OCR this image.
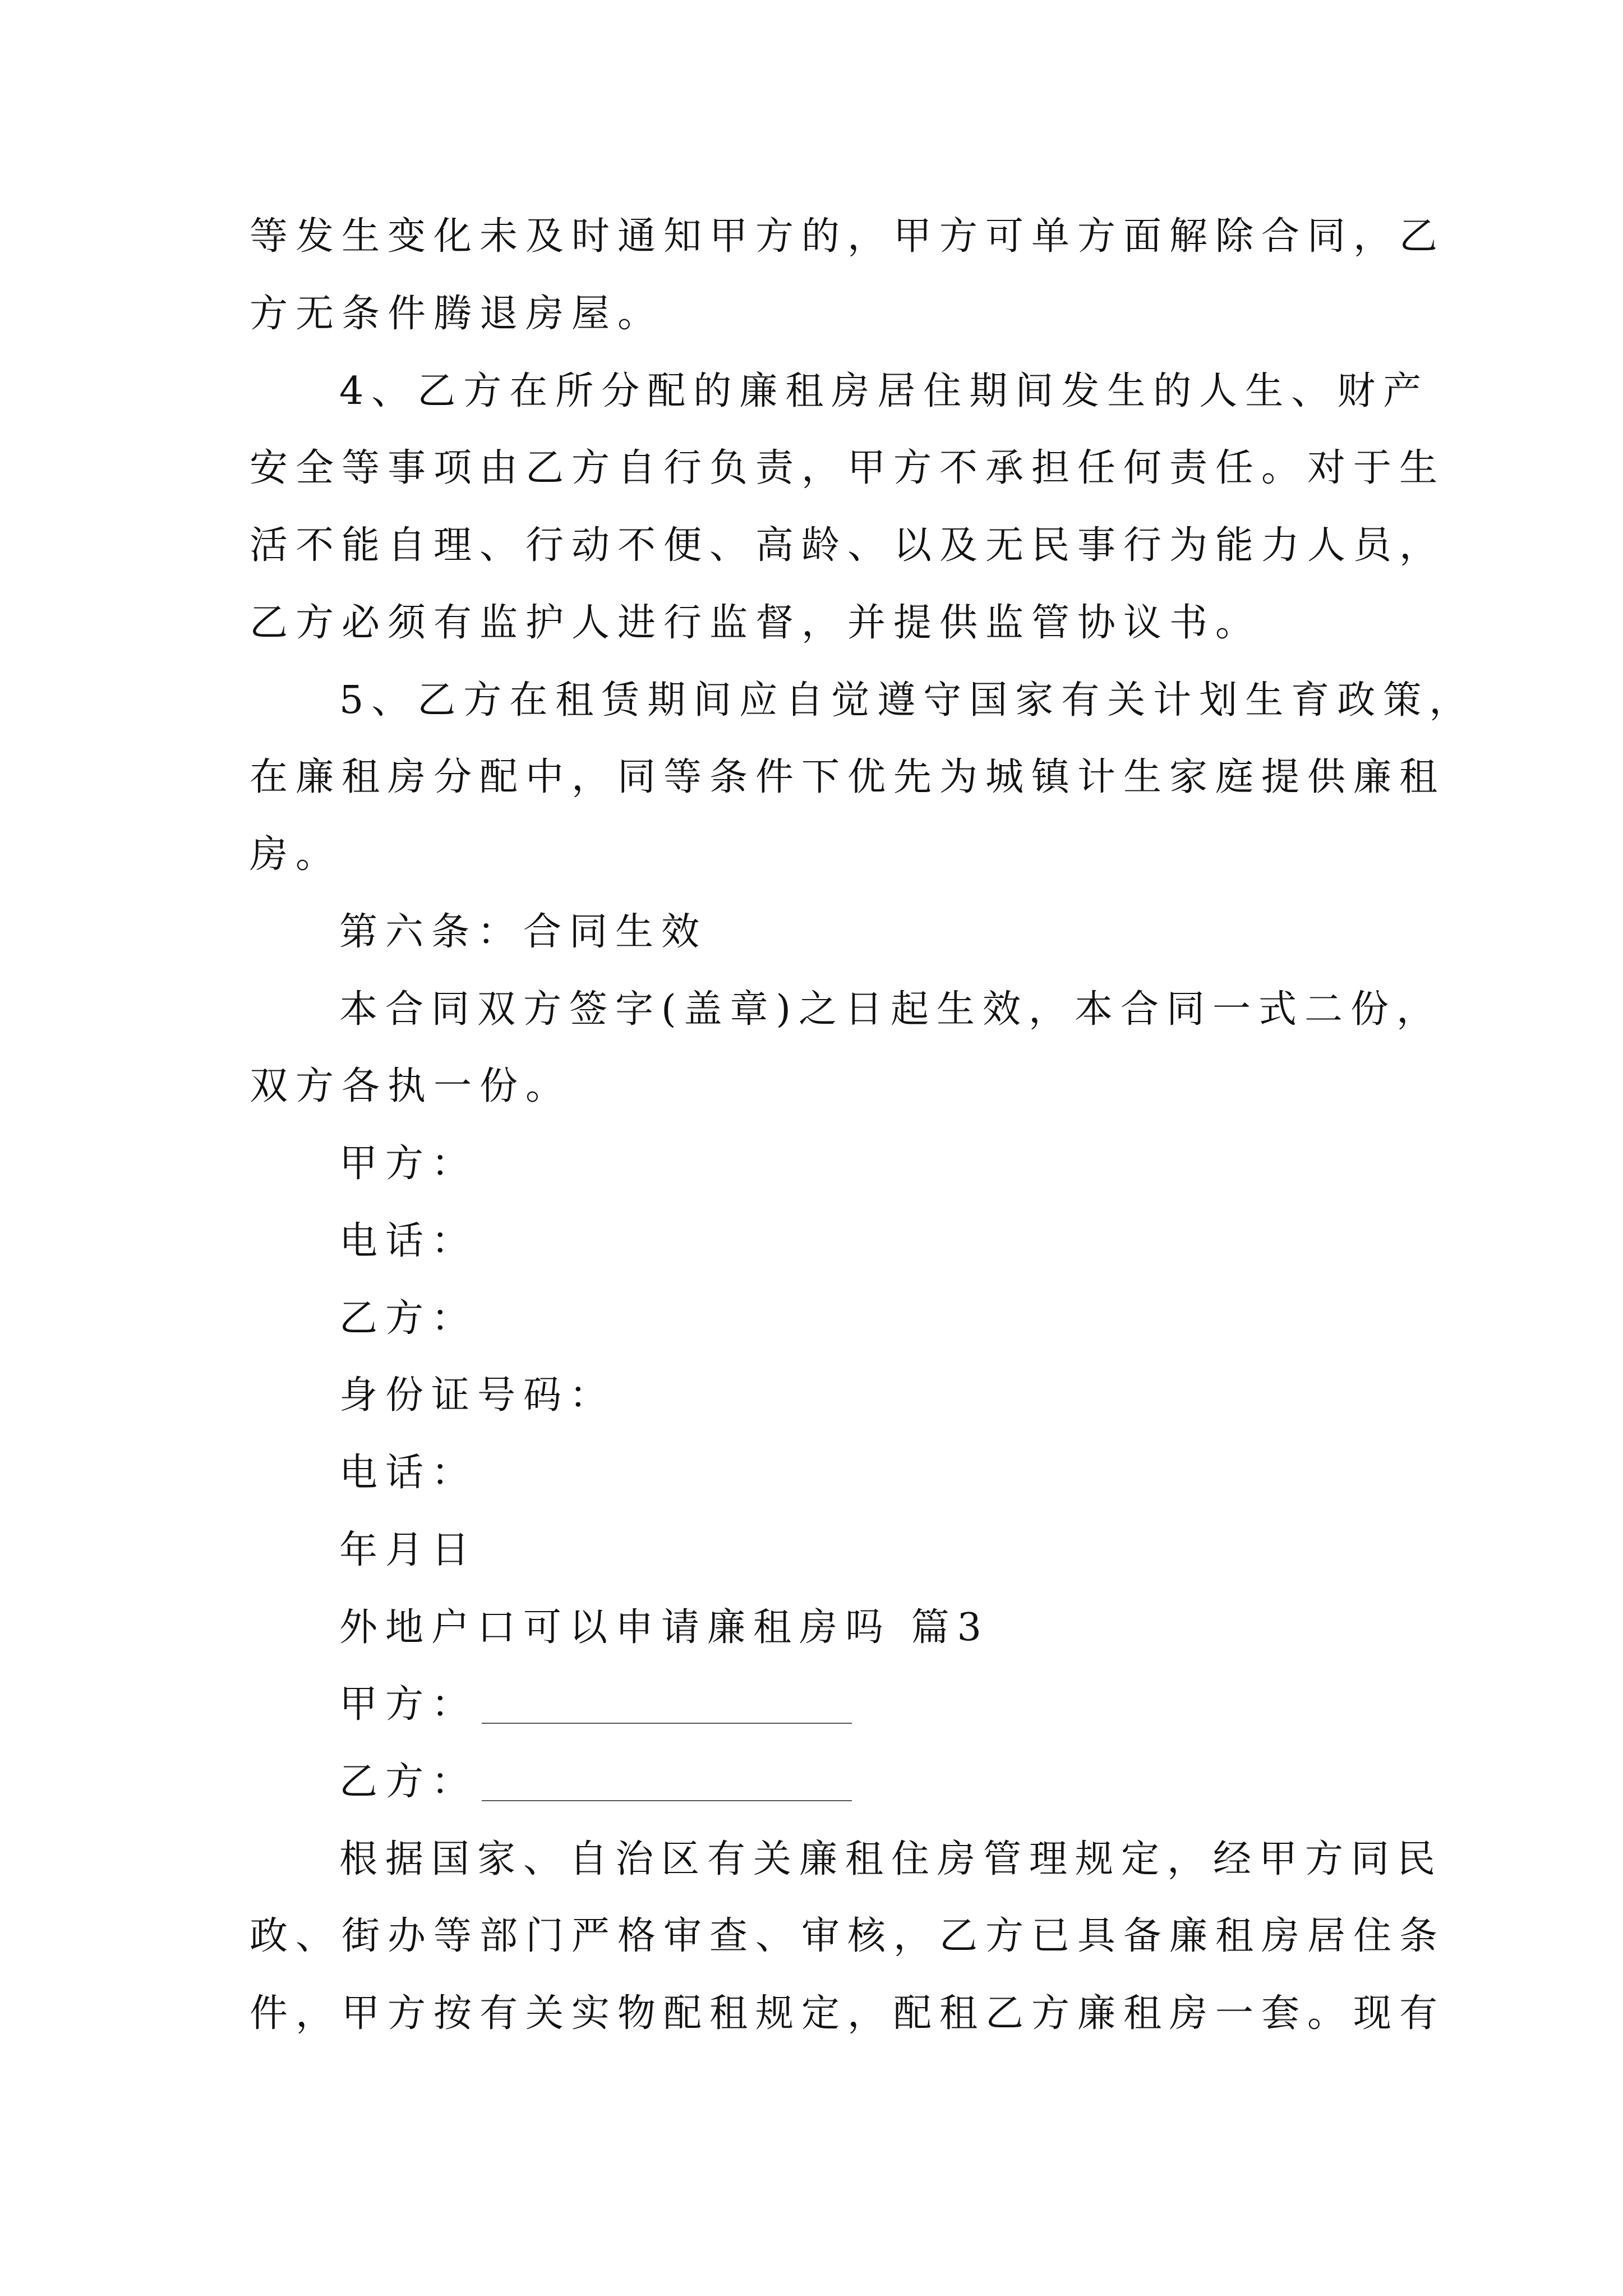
等发生变化未及时通知甲方的，甲方可单方面解除合同，乙

方无条件腾退房屋。

4、乙方在所分配的廉租房居住期间发生的人生、财产

安全等事项由乙方自行负责，甲方不承担任何责任。对于生

活不能自理、行动不便、高龄、以及无民事行为能力人员，

乙方必须有监护人进行监督，并提供监管协议书。

5、乙方在租赁期间应自觉遵守国家有关计划生育政策，

在廉租房分配中，同等条件下优先为城镇计生家庭提供廉租

房。

第六条：合同生效

本合同双方签字(盖章)之日起生效，本合同一式二份，

双方各执一份。

甲方：

电话：

乙方：

身份证号码：

电话：

年月日

外地户口可以申请廉租房吗 篇3

甲方：

乙方：

根据国家、自治区有关廉租住房管理规定，经甲方同民

政、街办等部门严格审查、审核，乙方已具备廉租房居住条

件，甲方按有关实物配租规定，配租乙方廉租房一套。现有
